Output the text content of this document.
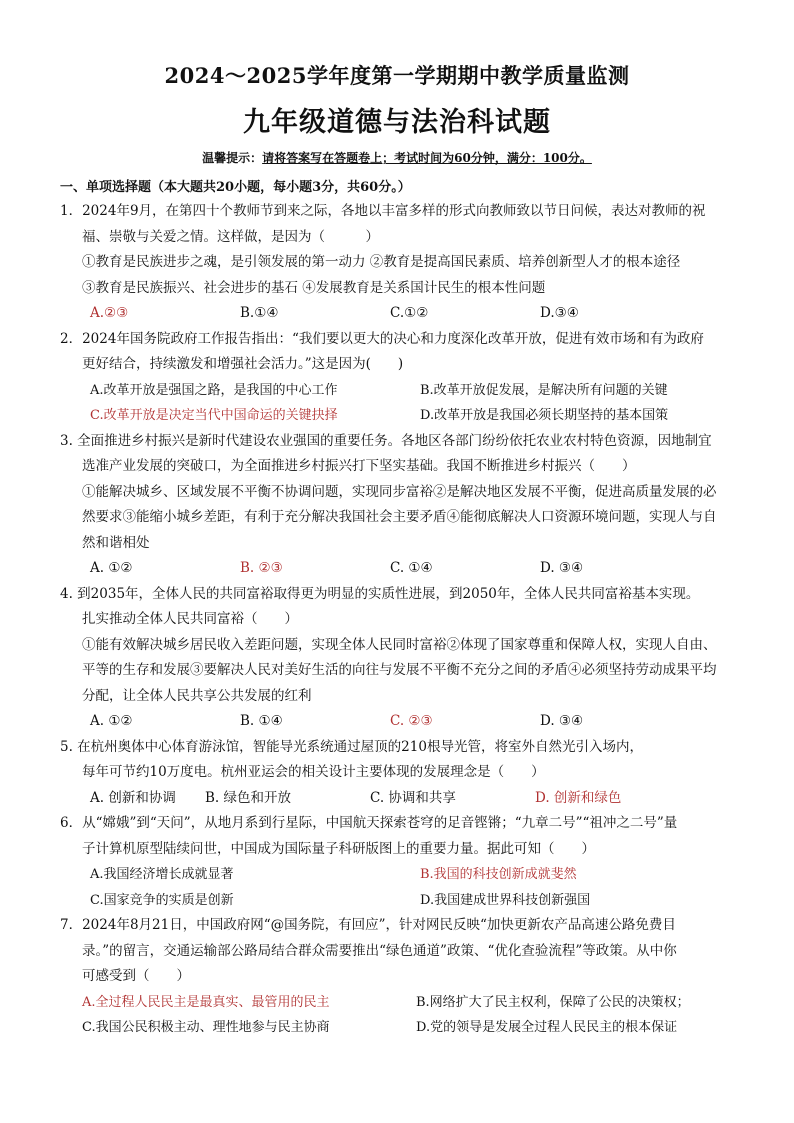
2024～2025学年度第一学期期中教学质量监测
九年级道德与法治科试题
温馨提示：请将答案写在答题卷上；考试时间为60分钟，满分：100分。
一、单项选择题（本大题共20小题，每小题3分，共60分。）
1．2024年9月，在第四十个教师节到来之际，各地以丰富多样的形式向教师致以节日问候，表达对教师的祝
福、崇敬与关爱之情。这样做，是因为（　　　）
①教育是民族进步之魂，是引领发展的第一动力 ②教育是提高国民素质、培养创新型人才的根本途径
③教育是民族振兴、社会进步的基石 ④发展教育是关系国计民生的根本性问题
A.②③	B.①④	C.①②	D.③④
2．2024年国务院政府工作报告指出：“我们要以更大的决心和力度深化改革开放，促进有效市场和有为政府
更好结合，持续激发和增强社会活力。”这是因为(　　)
A.改革开放是强国之路，是我国的中心工作	B.改革开放促发展，是解决所有问题的关键
C.改革开放是决定当代中国命运的关键抉择	D.改革开放是我国必须长期坚持的基本国策
3. 全面推进乡村振兴是新时代建设农业强国的重要任务。各地区各部门纷纷依托农业农村特色资源，因地制宜
选准产业发展的突破口，为全面推进乡村振兴打下坚实基础。我国不断推进乡村振兴（　　）
①能解决城乡、区域发展不平衡不协调问题，实现同步富裕②是解决地区发展不平衡，促进高质量发展的必
然要求③能缩小城乡差距，有利于充分解决我国社会主要矛盾④能彻底解决人口资源环境问题，实现人与自
然和谐相处
A. ①②	B. ②③	C. ①④	D. ③④
4. 到2035年，全体人民的共同富裕取得更为明显的实质性进展，到2050年，全体人民共同富裕基本实现。
扎实推动全体人民共同富裕（　　）
①能有效解决城乡居民收入差距问题，实现全体人民同时富裕②体现了国家尊重和保障人权，实现人自由、
平等的生存和发展③要解决人民对美好生活的向往与发展不平衡不充分之间的矛盾④必须坚持劳动成果平均
分配，让全体人民共享公共发展的红利
A. ①②	B. ①④	C. ②③	D. ③④
5. 在杭州奥体中心体育游泳馆，智能导光系统通过屋顶的210根导光管，将室外自然光引入场内，
每年可节约10万度电。杭州亚运会的相关设计主要体现的发展理念是（　　）
A. 创新和协调	B. 绿色和开放	C. 协调和共享	D. 创新和绿色
6．从“嫦娥”到“天问”，从地月系到行星际，中国航天探索苍穹的足音铿锵；“九章二号”“祖冲之二号”量
子计算机原型陆续问世，中国成为国际量子科研版图上的重要力量。据此可知（　　）
A.我国经济增长成就显著	B.我国的科技创新成就斐然
C.国家竞争的实质是创新	D.我国建成世界科技创新强国
7．2024年8月21日，中国政府网“@国务院，有回应”，针对网民反映“加快更新农产品高速公路免费目
录。”的留言，交通运输部公路局结合群众需要推出“绿色通道”政策、“优化查验流程”等政策。从中你
可感受到（　　）
A.全过程人民民主是最真实、最管用的民主	B.网络扩大了民主权利，保障了公民的决策权；
C.我国公民积极主动、理性地参与民主协商	D.党的领导是发展全过程人民民主的根本保证
